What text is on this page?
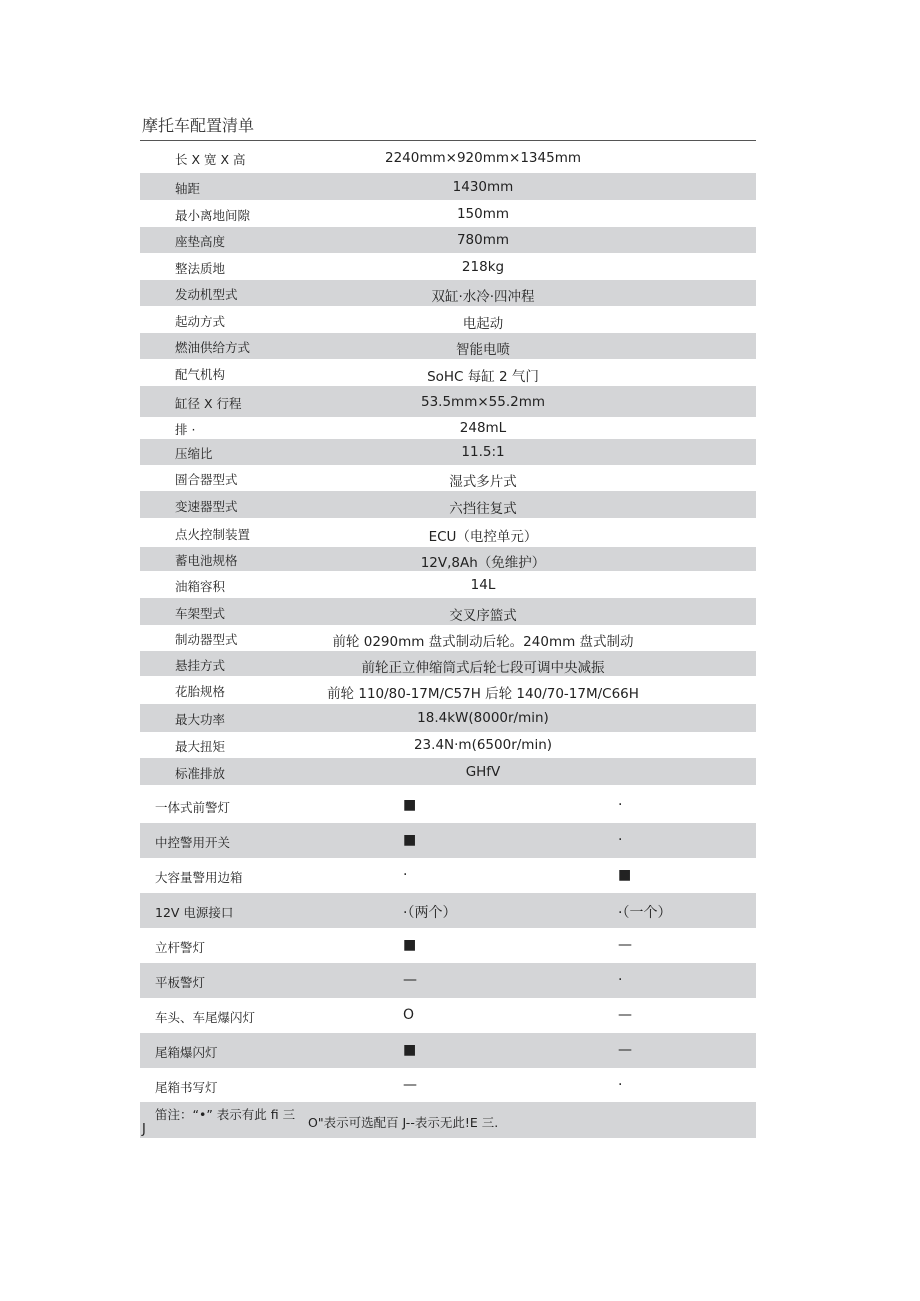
摩托车配置清单
长 X 宽 X 高	2240mm×920mm×1345mm
轴距	1430mm
最小离地间隙	150mm
座垫高度	780mm
整法质地	218kg
发动机型式	双缸·水冷·四冲程
起动方式	电起动
燃油供给方式	智能电喷
配气机构	SoHC 每缸 2 气门
缸径 X 行程	53.5mm×55.2mm
排 ·	248mL
压缩比	11.5:1
圄合器型式	湿式多片式
变速器型式	六挡往复式
点火控制装置	ECU（电控单元）
蓄电池规格	12V,8Ah（免维护）
油箱容积	14L
车架型式	交叉序篮式
制动器型式	前轮 0290mm 盘式制动后轮。240mm 盘式制动
悬挂方式	前轮正立伸缩筒式后轮七段可调中央减振
花胎规格	前轮 110/80-17M/C57H 后轮 140/70-17M/C66H
最大功率	18.4kW(8000r/min)
最大扭矩	23.4N·m(6500r/min)
标准排放	GHfV
一体式前警灯	■	·
中控警用开关	■	·
大容量警用边箱	·	■
12V 电源接口	·（两个）	·（一个）
立杆警灯	■	—
平板警灯	—	·
车头、车尾爆闪灯	O	—
尾箱爆闪灯	■	—
尾箱书写灯	—	·
笛注：“•” 表示有此 fi 三
O"表示可选配百 J--表示无此!E 三.
J
